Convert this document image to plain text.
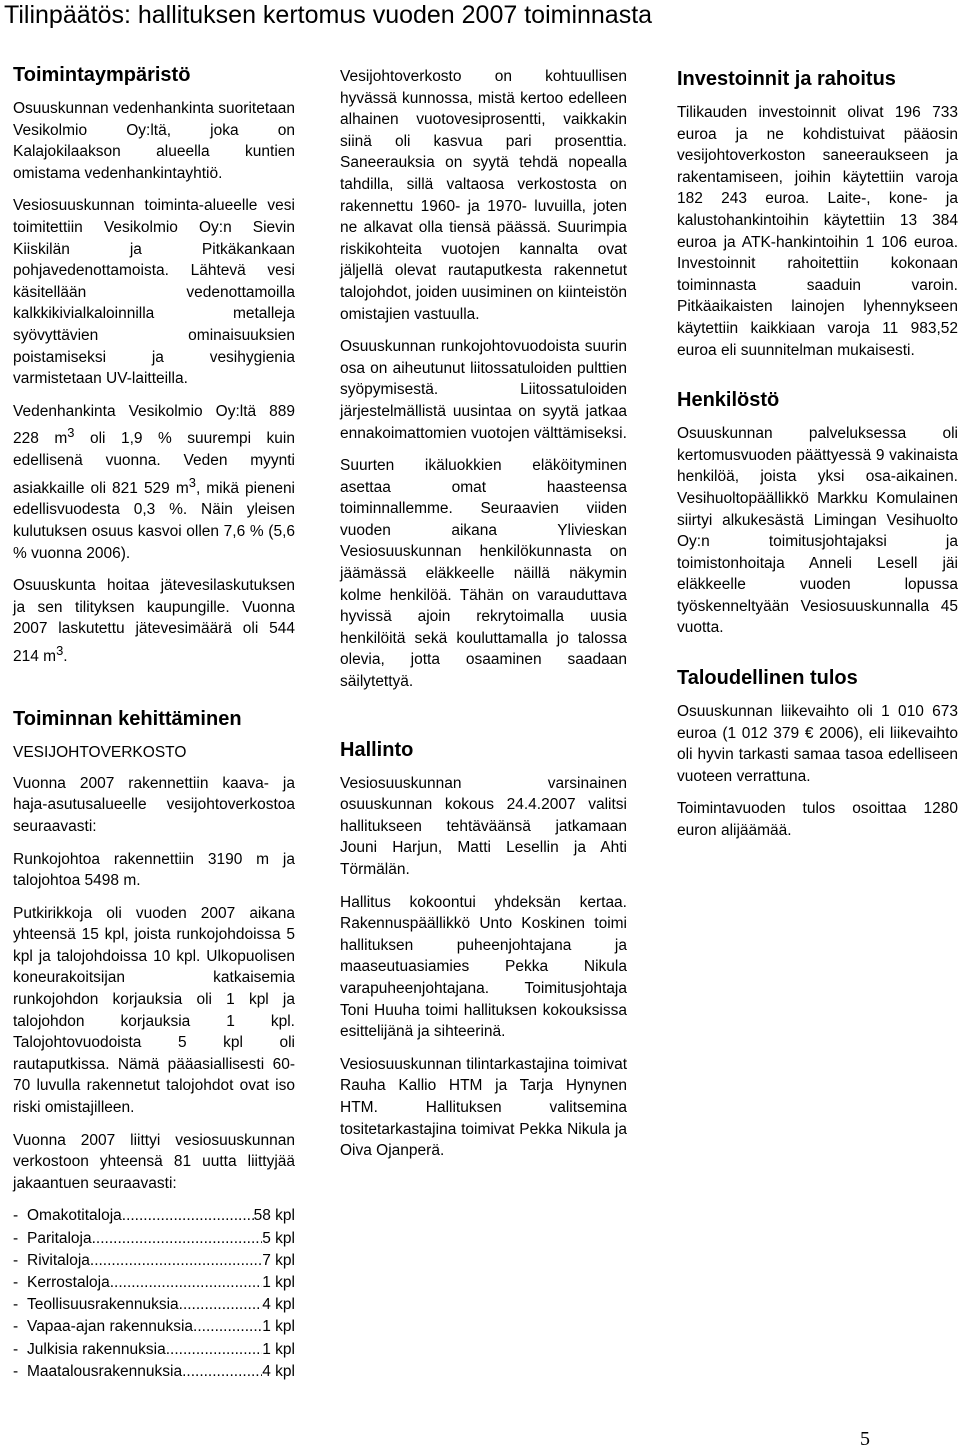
Tilinpäätös: hallituksen kertomus vuoden 2007 toiminnasta
Toimintaympäristö

Osuuskunnan vedenhankinta suoritetaan Vesikolmio Oy:ltä, joka on Kalajokilaakson alueella kuntien omistama vedenhankintayhtiö.

Vesiosuuskunnan toiminta-alueelle vesi toimitettiin Vesikolmio Oy:n Sievin Kiiskilän ja Pitkäkankaan pohjavedenottamoista. Lähtevä vesi käsitellään vedenottamoilla kalkkikivialkaloinnilla metalleja syövyttävien ominaisuuksien poistamiseksi ja vesihygienia varmistetaan UV-laitteilla.

Vedenhankinta Vesikolmio Oy:ltä 889 228 $m^3$ oli 1,9 % suurempi kuin edellisenä vuonna. Veden myynti asiakkaille oli 821 529 $m^3$, mikä pieneni edellisvuodesta 0,3 %. Näin yleisen kulutuksen osuus kasvoi ollen 7,6 % (5,6 % vuonna 2006).

Osuuskunta hoitaa jätevesilaskutuksen ja sen tilityksen kaupungille. Vuonna 2007 laskutettu jätevesimäärä oli 544 214 $m^3$.

Toiminnan kehittäminen
VESIJOHTOVERKOSTO

Vuonna 2007 rakennettiin kaava- ja haja-asutusalueelle vesijohtoverkostoa seuraavasti:

Runkojohtoa rakennettiin 3190 m ja talojohtoa 5498 m.

Putkirikkoja oli vuoden 2007 aikana yhteensä 15 kpl, joista runkojohdoissa 5 kpl ja talojohdoissa 10 kpl. Ulkopuolisen koneurakoitsijan katkaisemia runkojohdon korjauksia oli 1 kpl ja talojohdon korjauksia 1 kpl. Talojohtovuodoista 5 kpl oli rautaputkissa. Nämä pääasiallisesti 60-70 luvulla rakennetut talojohdot ovat iso riski omistajilleen.

Vuonna 2007 liittyi vesiosuuskunnan verkostoon yhteensä 81 uutta liittyjää jakaantuen seuraavasti:

- Omakotitaloja .....	58 kpl
- Paritaloja .....	5 kpl
- Rivitaloja .....	7 kpl
- Kerrostaloja .....	1 kpl
- Teollisuusrakennuksia .....	4 kpl
- Vapaa-ajan rakennuksia .....	1 kpl
- Julkisia rakennuksia .....	1 kpl
- Maatalousrakennuksia .....	4 kpl

Vesijohtoverkosto on kohtuullisen hyvässä kunnossa, mistä kertoo edelleen alhainen vuotovesiprosentti, vaikkakin siinä oli kasvua pari prosenttia. Saneerauksia on syytä tehdä nopealla tahdilla, sillä valtaosa verkostosta on rakennettu 1960- ja 1970- luvuilla, joten ne alkavat olla tiensä päässä. Suurimpia riskikohteita vuotojen kannalta ovat jäljellä olevat rautaputkesta rakennetut talojohdot, joiden uusiminen on kiinteistön omistajien vastuulla.

Osuuskunnan runkojohtovuodoista suurin osa on aiheutunut liitossatuloiden pulttien syöpymisestä. Liitossatuloiden järjestelmällistä uusintaa on syytä jatkaa ennakoimattomien vuotojen välttämiseksi.

Suurten ikäluokkien eläköityminen asettaa omat haasteensa toiminnallemme. Seuraavien viiden vuoden aikana Ylivieskan Vesiosuuskunnan henkilökunnasta on jäämässä eläkkeelle näillä näkymin kolme henkilöä. Tähän on varauduttava hyvissä ajoin rekrytoimalla uusia henkilöitä sekä kouluttamalla jo talossa olevia, jotta osaaminen saadaan säilytettyä.

Hallinto

Vesiosuuskunnan varsinainen osuuskunnan kokous 24.4.2007 valitsi hallitukseen tehtäväänsä jatkamaan Jouni Harjun, Matti Lesellin ja Ahti Törmälän.

Hallitus kokoontui yhdeksän kertaa. Rakennuspäällikkö Unto Koskinen toimi hallituksen puheenjohtajana ja maaseutuasiamies Pekka Nikula varapuheenjohtajana. Toimitusjohtaja Toni Huuha toimi hallituksen kokouksissa esittelijänä ja sihteerinä.

Vesiosuuskunnan tilintarkastajina toimivat Rauha Kallio HTM ja Tarja Hynynen HTM. Hallituksen valitsemina tositetarkastajina toimivat Pekka Nikula ja Oiva Ojanperä.

Investoinnit ja rahoitus

Tilikauden investoinnit olivat 196 733 euroa ja ne kohdistuivat pääosin vesijohtoverkoston saneeraukseen ja rakentamiseen, joihin käytettiin varoja 182 243 euroa. Laite-, kone- ja kalustohankintoihin käytettiin 13 384 euroa ja ATK-hankintoihin 1 106 euroa. Investoinnit rahoitettiin kokonaan toiminnasta saaduin varoin. Pitkäaikaisten lainojen lyhennykseen käytettiin kaikkiaan varoja 11 983,52 euroa eli suunnitelman mukaisesti.

Henkilöstö

Osuuskunnan palveluksessa oli kertomusvuoden päättyessä 9 vakinaista henkilöä, joista yksi osa-aikainen. Vesihuoltopäällikkö Markku Komulainen siirtyi alkukesästä Limingan Vesihuolto Oy:n toimitusjohtajaksi ja toimistonhoitaja Anneli Lesell jäi eläkkeelle vuoden lopussa työskenneltyään Vesiosuuskunnalla 45 vuotta.

Taloudellinen tulos

Osuuskunnan liikevaihto oli 1 010 673 euroa (1 012 379 € 2006), eli liikevaihto oli hyvin tarkasti samaa tasoa edelliseen vuoteen verrattuna.

Toimintavuoden tulos osoittaa 1280 euron alijäämää.

5
